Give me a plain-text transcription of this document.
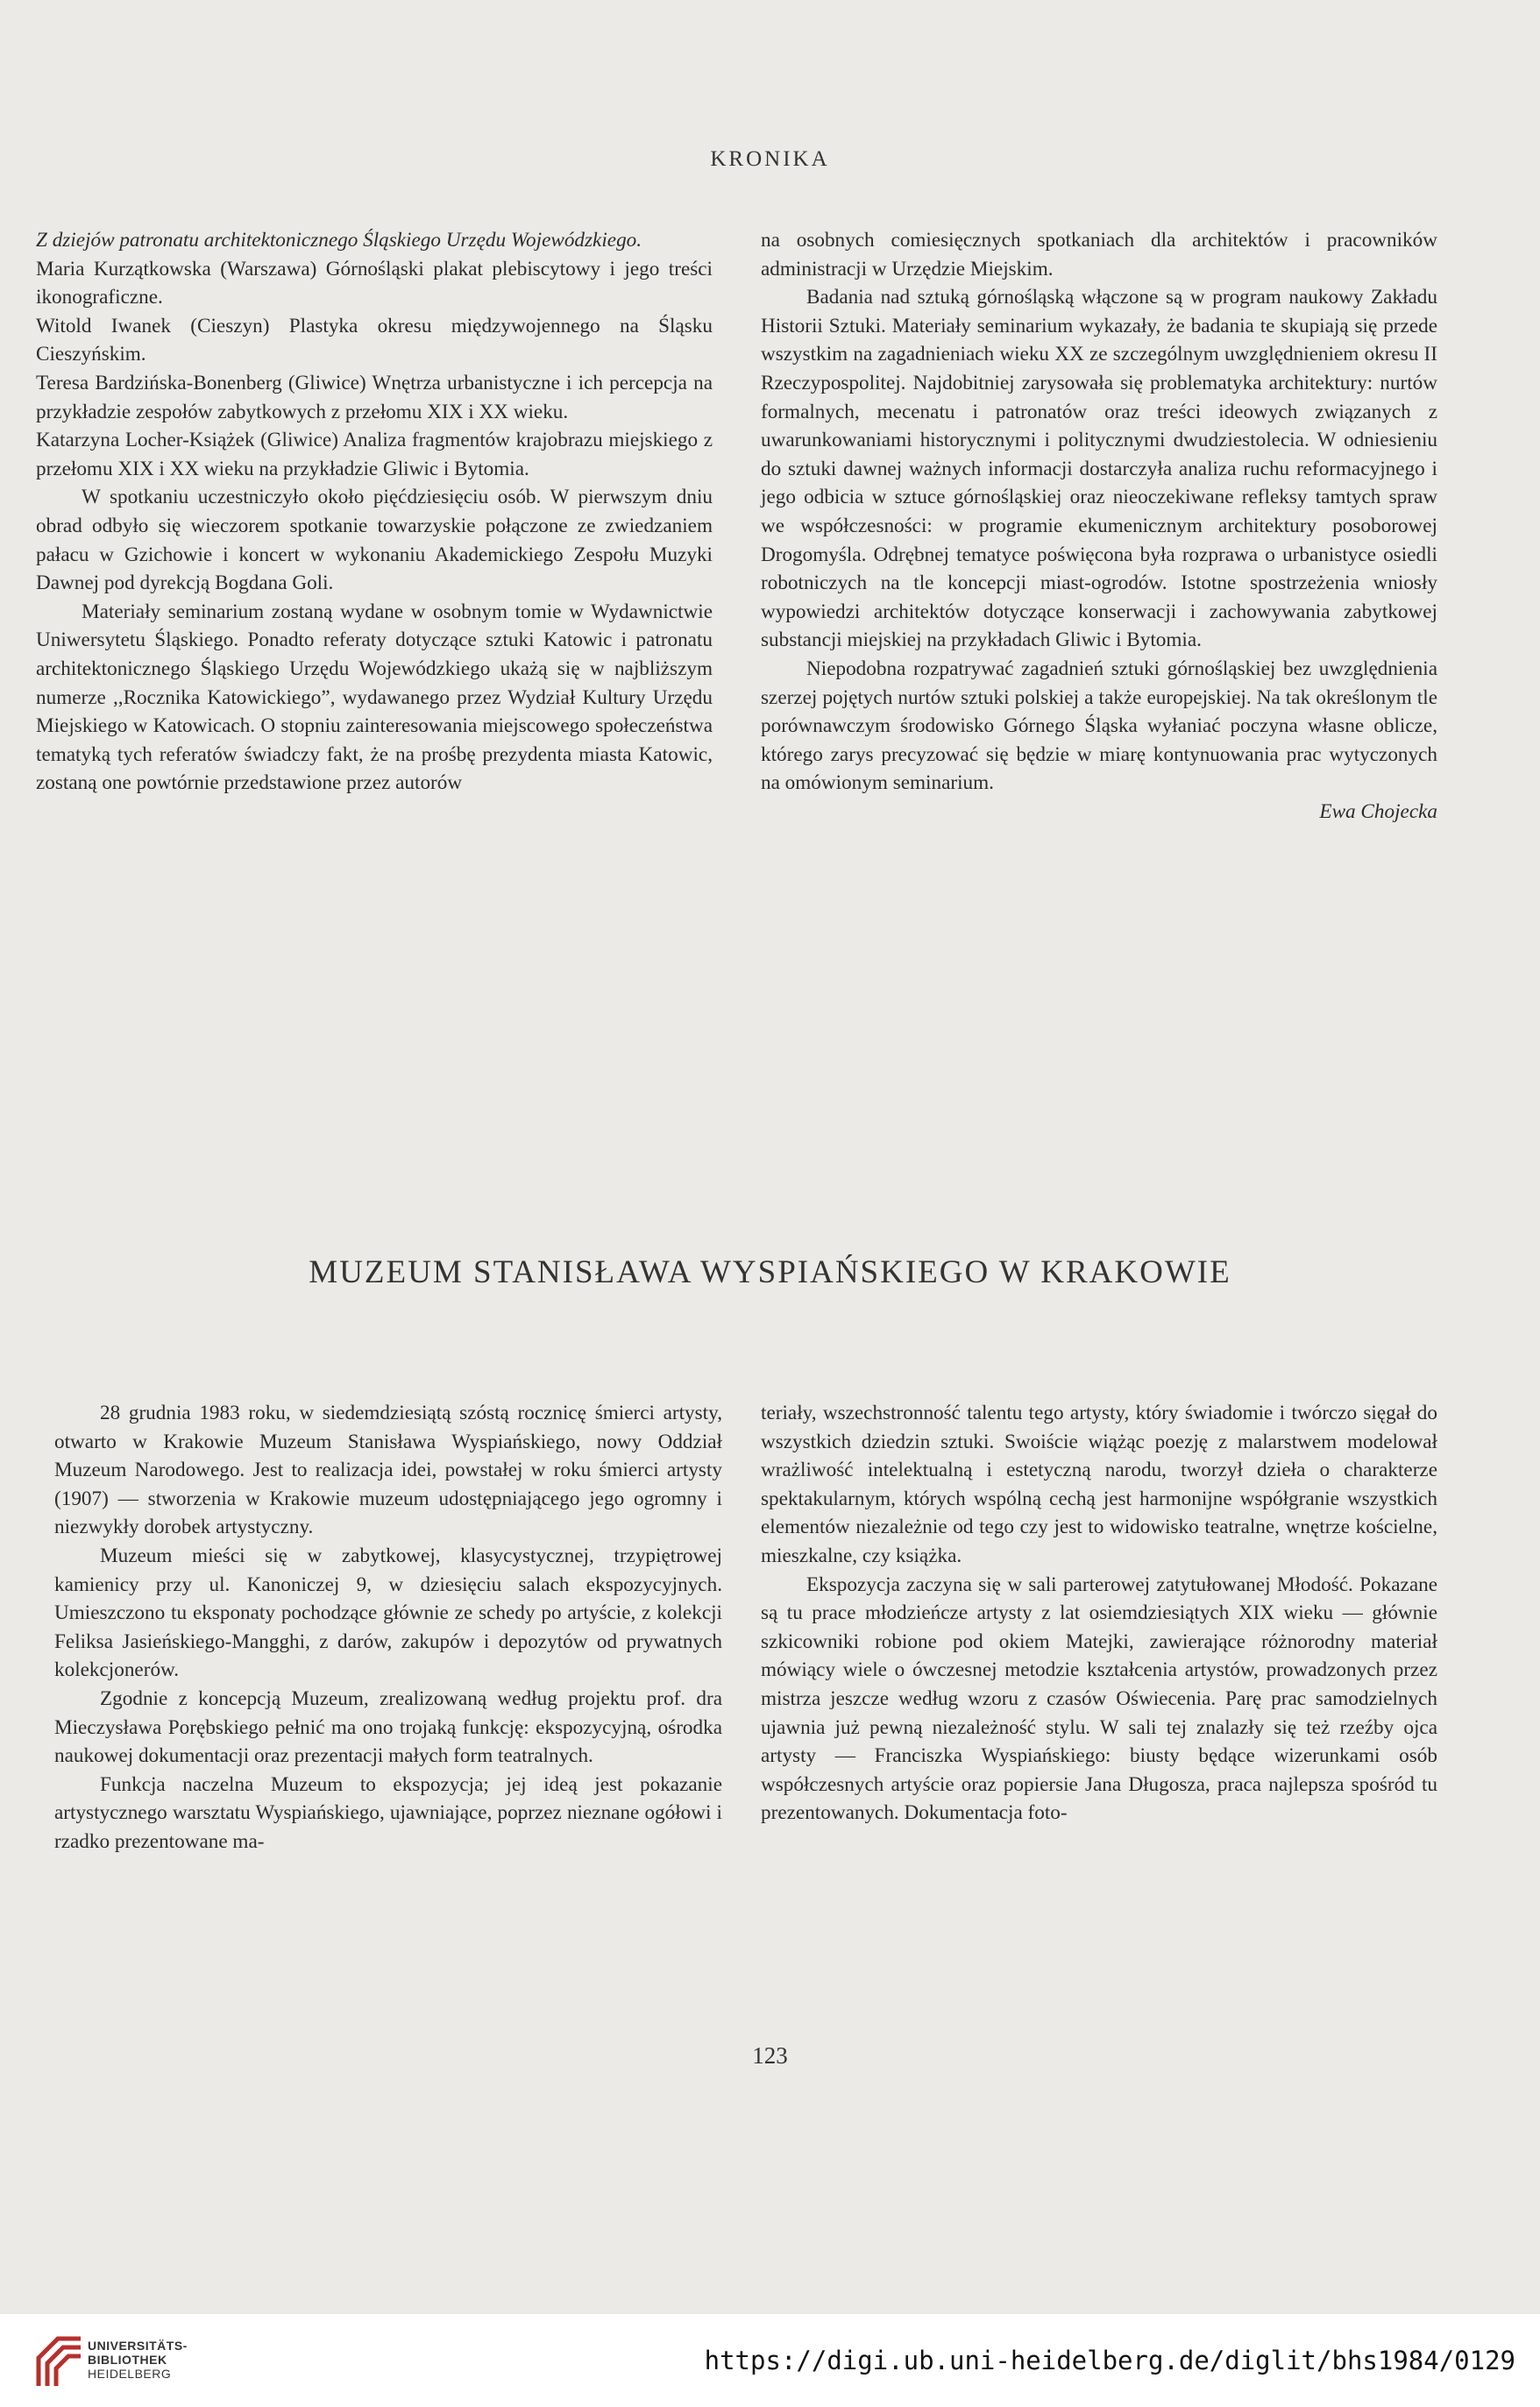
KRONIKA

Z dziejów patronatu architektonicznego Śląskiego Urzędu Wojewódzkiego.

Maria Kurzątkowska (Warszawa) Górnośląski plakat plebiscytowy i jego treści ikonograficzne.

Witold Iwanek (Cieszyn) Plastyka okresu międzywojennego na Śląsku Cieszyńskim.

Teresa Bardzińska-Bonenberg (Gliwice) Wnętrza urbanistyczne i ich percepcja na przykładzie zespołów zabytkowych z przełomu XIX i XX wieku.

Katarzyna Locher-Książek (Gliwice) Analiza fragmentów krajobrazu miejskiego z przełomu XIX i XX wieku na przykładzie Gliwic i Bytomia.

W spotkaniu uczestniczyło około pięćdziesięciu osób. W pierwszym dniu obrad odbyło się wieczorem spotkanie towarzyskie połączone ze zwiedzaniem pałacu w Gzichowie i koncert w wykonaniu Akademickiego Zespołu Muzyki Dawnej pod dyrekcją Bogdana Goli.

Materiały seminarium zostaną wydane w osobnym tomie w Wydawnictwie Uniwersytetu Śląskiego. Ponadto referaty dotyczące sztuki Katowic i patronatu architektonicznego Śląskiego Urzędu Wojewódzkiego ukażą się w najbliższym numerze ,,Rocznika Katowickiego”, wydawanego przez Wydział Kultury Urzędu Miejskiego w Katowicach. O stopniu zainteresowania miejscowego społeczeństwa tematyką tych referatów świadczy fakt, że na prośbę prezydenta miasta Katowic, zostaną one powtórnie przedstawione przez autorów

na osobnych comiesięcznych spotkaniach dla architektów i pracowników administracji w Urzędzie Miejskim.

Badania nad sztuką górnośląską włączone są w program naukowy Zakładu Historii Sztuki. Materiały seminarium wykazały, że badania te skupiają się przede wszystkim na zagadnieniach wieku XX ze szczególnym uwzględnieniem okresu II Rzeczypospolitej. Najdobitniej zarysowała się problematyka architektury: nurtów formalnych, mecenatu i patronatów oraz treści ideowych związanych z uwarunkowaniami historycznymi i politycznymi dwudziestolecia. W odniesieniu do sztuki dawnej ważnych informacji dostarczyła analiza ruchu reformacyjnego i jego odbicia w sztuce górnośląskiej oraz nieoczekiwane refleksy tamtych spraw we współczesności: w programie ekumenicznym architektury posoborowej Drogomyśla. Odrębnej tematyce poświęcona była rozprawa o urbanistyce osiedli robotniczych na tle koncepcji miast-ogrodów. Istotne spostrzeżenia wniosły wypowiedzi architektów dotyczące konserwacji i zachowywania zabytkowej substancji miejskiej na przykładach Gliwic i Bytomia.

Niepodobna rozpatrywać zagadnień sztuki górnośląskiej bez uwzględnienia szerzej pojętych nurtów sztuki polskiej a także europejskiej. Na tak określonym tle porównawczym środowisko Górnego Śląska wyłaniać poczyna własne oblicze, którego zarys precyzować się będzie w miarę kontynuowania prac wytyczonych na omówionym seminarium.

Ewa Chojecka

MUZEUM STANISŁAWA WYSPIAŃSKIEGO W KRAKOWIE

28 grudnia 1983 roku, w siedemdziesiątą szóstą rocznicę śmierci artysty, otwarto w Krakowie Muzeum Stanisława Wyspiańskiego, nowy Oddział Muzeum Narodowego. Jest to realizacja idei, powstałej w roku śmierci artysty (1907) — stworzenia w Krakowie muzeum udostępniającego jego ogromny i niezwykły dorobek artystyczny.

Muzeum mieści się w zabytkowej, klasycystycznej, trzypiętrowej kamienicy przy ul. Kanoniczej 9, w dziesięciu salach ekspozycyjnych. Umieszczono tu eksponaty pochodzące głównie ze schedy po artyście, z kolekcji Feliksa Jasieńskiego-Mangghi, z darów, zakupów i depozytów od prywatnych kolekcjonerów.

Zgodnie z koncepcją Muzeum, zrealizowaną według projektu prof. dra Mieczysława Porębskiego pełnić ma ono trojaką funkcję: ekspozycyjną, ośrodka naukowej dokumentacji oraz prezentacji małych form teatralnych.

Funkcja naczelna Muzeum to ekspozycja; jej ideą jest pokazanie artystycznego warsztatu Wyspiańskiego, ujawniające, poprzez nieznane ogółowi i rzadko prezentowane ma-

teriały, wszechstronność talentu tego artysty, który świadomie i twórczo sięgał do wszystkich dziedzin sztuki. Swoiście wiążąc poezję z malarstwem modelował wrażliwość intelektualną i estetyczną narodu, tworzył dzieła o charakterze spektakularnym, których wspólną cechą jest harmonijne współgranie wszystkich elementów niezależnie od tego czy jest to widowisko teatralne, wnętrze kościelne, mieszkalne, czy książka.

Ekspozycja zaczyna się w sali parterowej zatytułowanej Młodość. Pokazane są tu prace młodzieńcze artysty z lat osiemdziesiątych XIX wieku — głównie szkicowniki robione pod okiem Matejki, zawierające różnorodny materiał mówiący wiele o ówczesnej metodzie kształcenia artystów, prowadzonych przez mistrza jeszcze według wzoru z czasów Oświecenia. Parę prac samodzielnych ujawnia już pewną niezależność stylu. W sali tej znalazły się też rzeźby ojca artysty — Franciszka Wyspiańskiego: biusty będące wizerunkami osób współczesnych artyście oraz popiersie Jana Długosza, praca najlepsza spośród tu prezentowanych. Dokumentacja foto-

123
UNIVERSITÄTS-
BIBLIOTHEK
HEIDELBERG	https://digi.ub.uni-heidelberg.de/diglit/bhs1984/0129
